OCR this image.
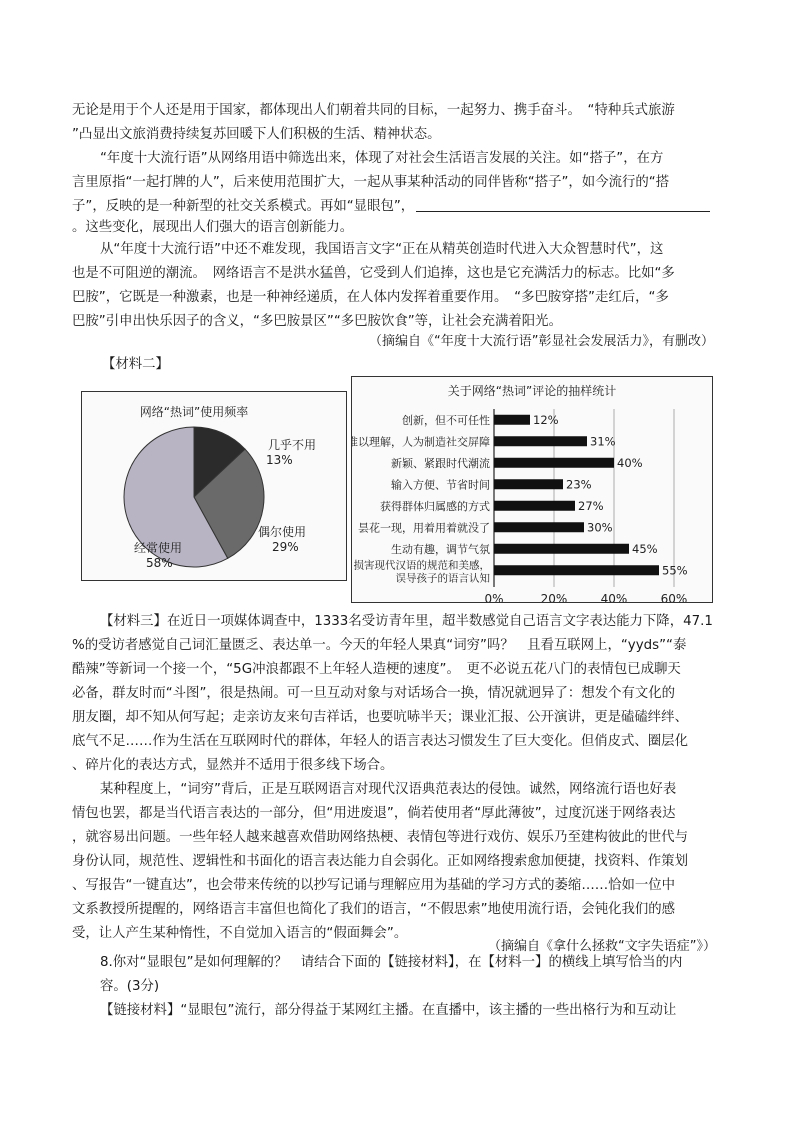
无论是用于个人还是用于国家，都体现出人们朝着共同的目标，一起努力、携手奋斗。　“特种兵式旅游
”凸显出文旅消费持续复苏回暖下人们积极的生活、精神状态。
“年度十大流行语”从网络用语中筛选出来，体现了对社会生活语言发展的关注。如“搭子”，在方
言里原指“一起打牌的人”，后来使用范围扩大，一起从事某种活动的同伴皆称“搭子”，如今流行的“搭
子”，反映的是一种新型的社交关系模式。再如“显眼包”，
。这些变化，展现出人们强大的语言创新能力。
从“年度十大流行语”中还不难发现，我国语言文字“正在从精英创造时代进入大众智慧时代”，这
也是不可阻逆的潮流。　网络语言不是洪水猛兽，它受到人们追捧，这也是它充满活力的标志。比如“多
巴胺”，它既是一种激素，也是一种神经递质，在人体内发挥着重要作用。　“多巴胺穿搭”走红后，“多
巴胺”引申出快乐因子的含义，“多巴胺景区”“多巴胺饮食”等，让社会充满着阳光。
（摘编自《“年度十大流行语”彰显社会发展活力》，有删改）
【材料二】
网络“热词”使用频率
几乎不用
13%
偶尔使用
29%
经常使用
58%
关于网络“热词”评论的抽样统计
创新，但不可任性	12%
难以理解，人为制造社交屏障	31%
新颖、紧跟时代潮流	40%
输入方便、节省时间	23%
获得群体归属感的方式	27%
昙花一现，用着用着就没了	30%
生动有趣，调节气氛	45%
损害现代汉语的规范和美感，
误导孩子的语言认知
55%
0%	20%	40%	60%
【材料三】在近日一项媒体调查中，1333名受访青年里，超半数感觉自己语言文字表达能力下降，47.1
%的受访者感觉自己词汇量匮乏、表达单一。今天的年轻人果真“词穷”吗？　且看互联网上，“yyds”“泰
酷辣”等新词一个接一个，“5G冲浪都跟不上年轻人造梗的速度”。　更不必说五花八门的表情包已成聊天
必备，群友时而“斗图”，很是热闹。可一旦互动对象与对话场合一换，情况就迥异了：想发个有文化的
朋友圈，却不知从何写起；走亲访友来句吉祥话，也要吭哧半天；课业汇报、公开演讲，更是磕磕绊绊、
底气不足……作为生活在互联网时代的群体，年轻人的语言表达习惯发生了巨大变化。但俏皮式、圈层化
、碎片化的表达方式，显然并不适用于很多线下场合。
某种程度上，“词穷”背后，正是互联网语言对现代汉语典范表达的侵蚀。诚然，网络流行语也好表
情包也罢，都是当代语言表达的一部分，但“用进废退”，倘若使用者“厚此薄彼”，过度沉迷于网络表达
，就容易出问题。一些年轻人越来越喜欢借助网络热梗、表情包等进行戏仿、娱乐乃至建构彼此的世代与
身份认同，规范性、逻辑性和书面化的语言表达能力自会弱化。正如网络搜索愈加便捷，找资料、作策划
、写报告“一键直达”，也会带来传统的以抄写记诵与理解应用为基础的学习方式的萎缩……恰如一位中
文系教授所提醒的，网络语言丰富但也简化了我们的语言，“不假思索”地使用流行语，会钝化我们的感
受，让人产生某种惰性，不自觉加入语言的“假面舞会”。
（摘编自《拿什么拯救“文字失语症”》）
8.你对“显眼包”是如何理解的？　请结合下面的【链接材料】，在【材料一】的横线上填写恰当的内
容。(3分)
【链接材料】“显眼包”流行，部分得益于某网红主播。在直播中，该主播的一些出格行为和互动让
